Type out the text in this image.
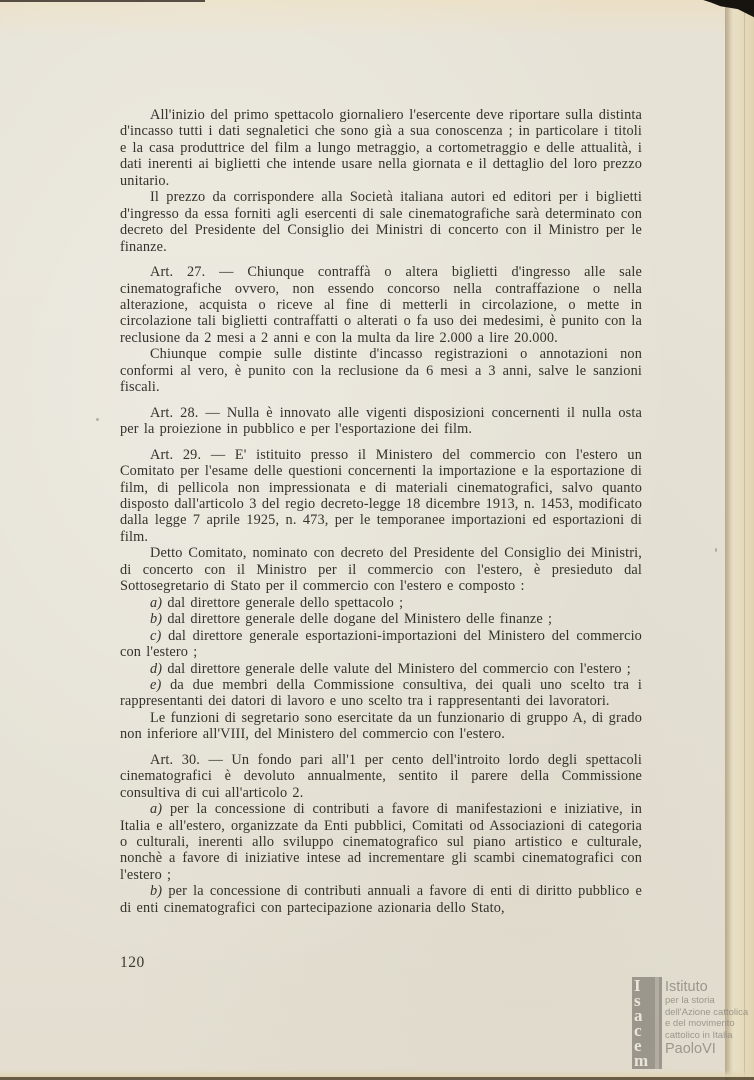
All'inizio del primo spettacolo giornaliero l'esercente deve riportare sulla distinta d'incasso tutti i dati segnaletici che sono già a sua conoscenza ; in particolare i titoli e la casa produttrice del film a lungo metraggio, a cortometraggio e delle attualità, i dati inerenti ai biglietti che intende usare nella giornata e il dettaglio del loro prezzo unitario.

Il prezzo da corrispondere alla Società italiana autori ed editori per i biglietti d'ingresso da essa forniti agli esercenti di sale cinematografiche sarà determinato con decreto del Presidente del Consiglio dei Ministri di concerto con il Ministro per le finanze.

Art. 27. — Chiunque contraffà o altera biglietti d'ingresso alle sale cinematografiche ovvero, non essendo concorso nella contraffazione o nella alterazione, acquista o riceve al fine di metterli in circolazione, o mette in circolazione tali biglietti contraffatti o alterati o fa uso dei medesimi, è punito con la reclusione da 2 mesi a 2 anni e con la multa da lire 2.000 a lire 20.000.

Chiunque compie sulle distinte d'incasso registrazioni o annotazioni non conformi al vero, è punito con la reclusione da 6 mesi a 3 anni, salve le sanzioni fiscali.

Art. 28. — Nulla è innovato alle vigenti disposizioni concernenti il nulla osta per la proiezione in pubblico e per l'esportazione dei film.

Art. 29. — E' istituito presso il Ministero del commercio con l'estero un Comitato per l'esame delle questioni concernenti la importazione e la esportazione di film, di pellicola non impressionata e di materiali cinematografici, salvo quanto disposto dall'articolo 3 del regio decreto-legge 18 dicembre 1913, n. 1453, modificato dalla legge 7 aprile 1925, n. 473, per le temporanee importazioni ed esportazioni di film.

Detto Comitato, nominato con decreto del Presidente del Consiglio dei Ministri, di concerto con il Ministro per il commercio con l'estero, è presieduto dal Sottosegretario di Stato per il commercio con l'estero e composto :

a) dal direttore generale dello spettacolo ;

b) dal direttore generale delle dogane del Ministero delle finanze ;

c) dal direttore generale esportazioni-importazioni del Ministero del commercio con l'estero ;

d) dal direttore generale delle valute del Ministero del commercio con l'estero ;

e) da due membri della Commissione consultiva, dei quali uno scelto tra i rappresentanti dei datori di lavoro e uno scelto tra i rappresentanti dei lavoratori.

Le funzioni di segretario sono esercitate da un funzionario di gruppo A, di grado non inferiore all'VIII, del Ministero del commercio con l'estero.

Art. 30. — Un fondo pari all'1 per cento dell'introito lordo degli spettacoli cinematografici è devoluto annualmente, sentito il parere della Commissione consultiva di cui all'articolo 2.

a) per la concessione di contributi a favore di manifestazioni e iniziative, in Italia e all'estero, organizzate da Enti pubblici, Comitati od Associazioni di categoria o culturali, inerenti allo sviluppo cinematografico sul piano artistico e culturale, nonchè a favore di iniziative intese ad incrementare gli scambi cinematografici con l'estero ;

b) per la concessione di contributi annuali a favore di enti di diritto pubblico e di enti cinematografici con partecipazione azionaria dello Stato,

120
I
s
a
c
e
m
Istituto
per la storia
dell'Azione cattolica
e del movimento
cattolico in Italia
PaoloVI
